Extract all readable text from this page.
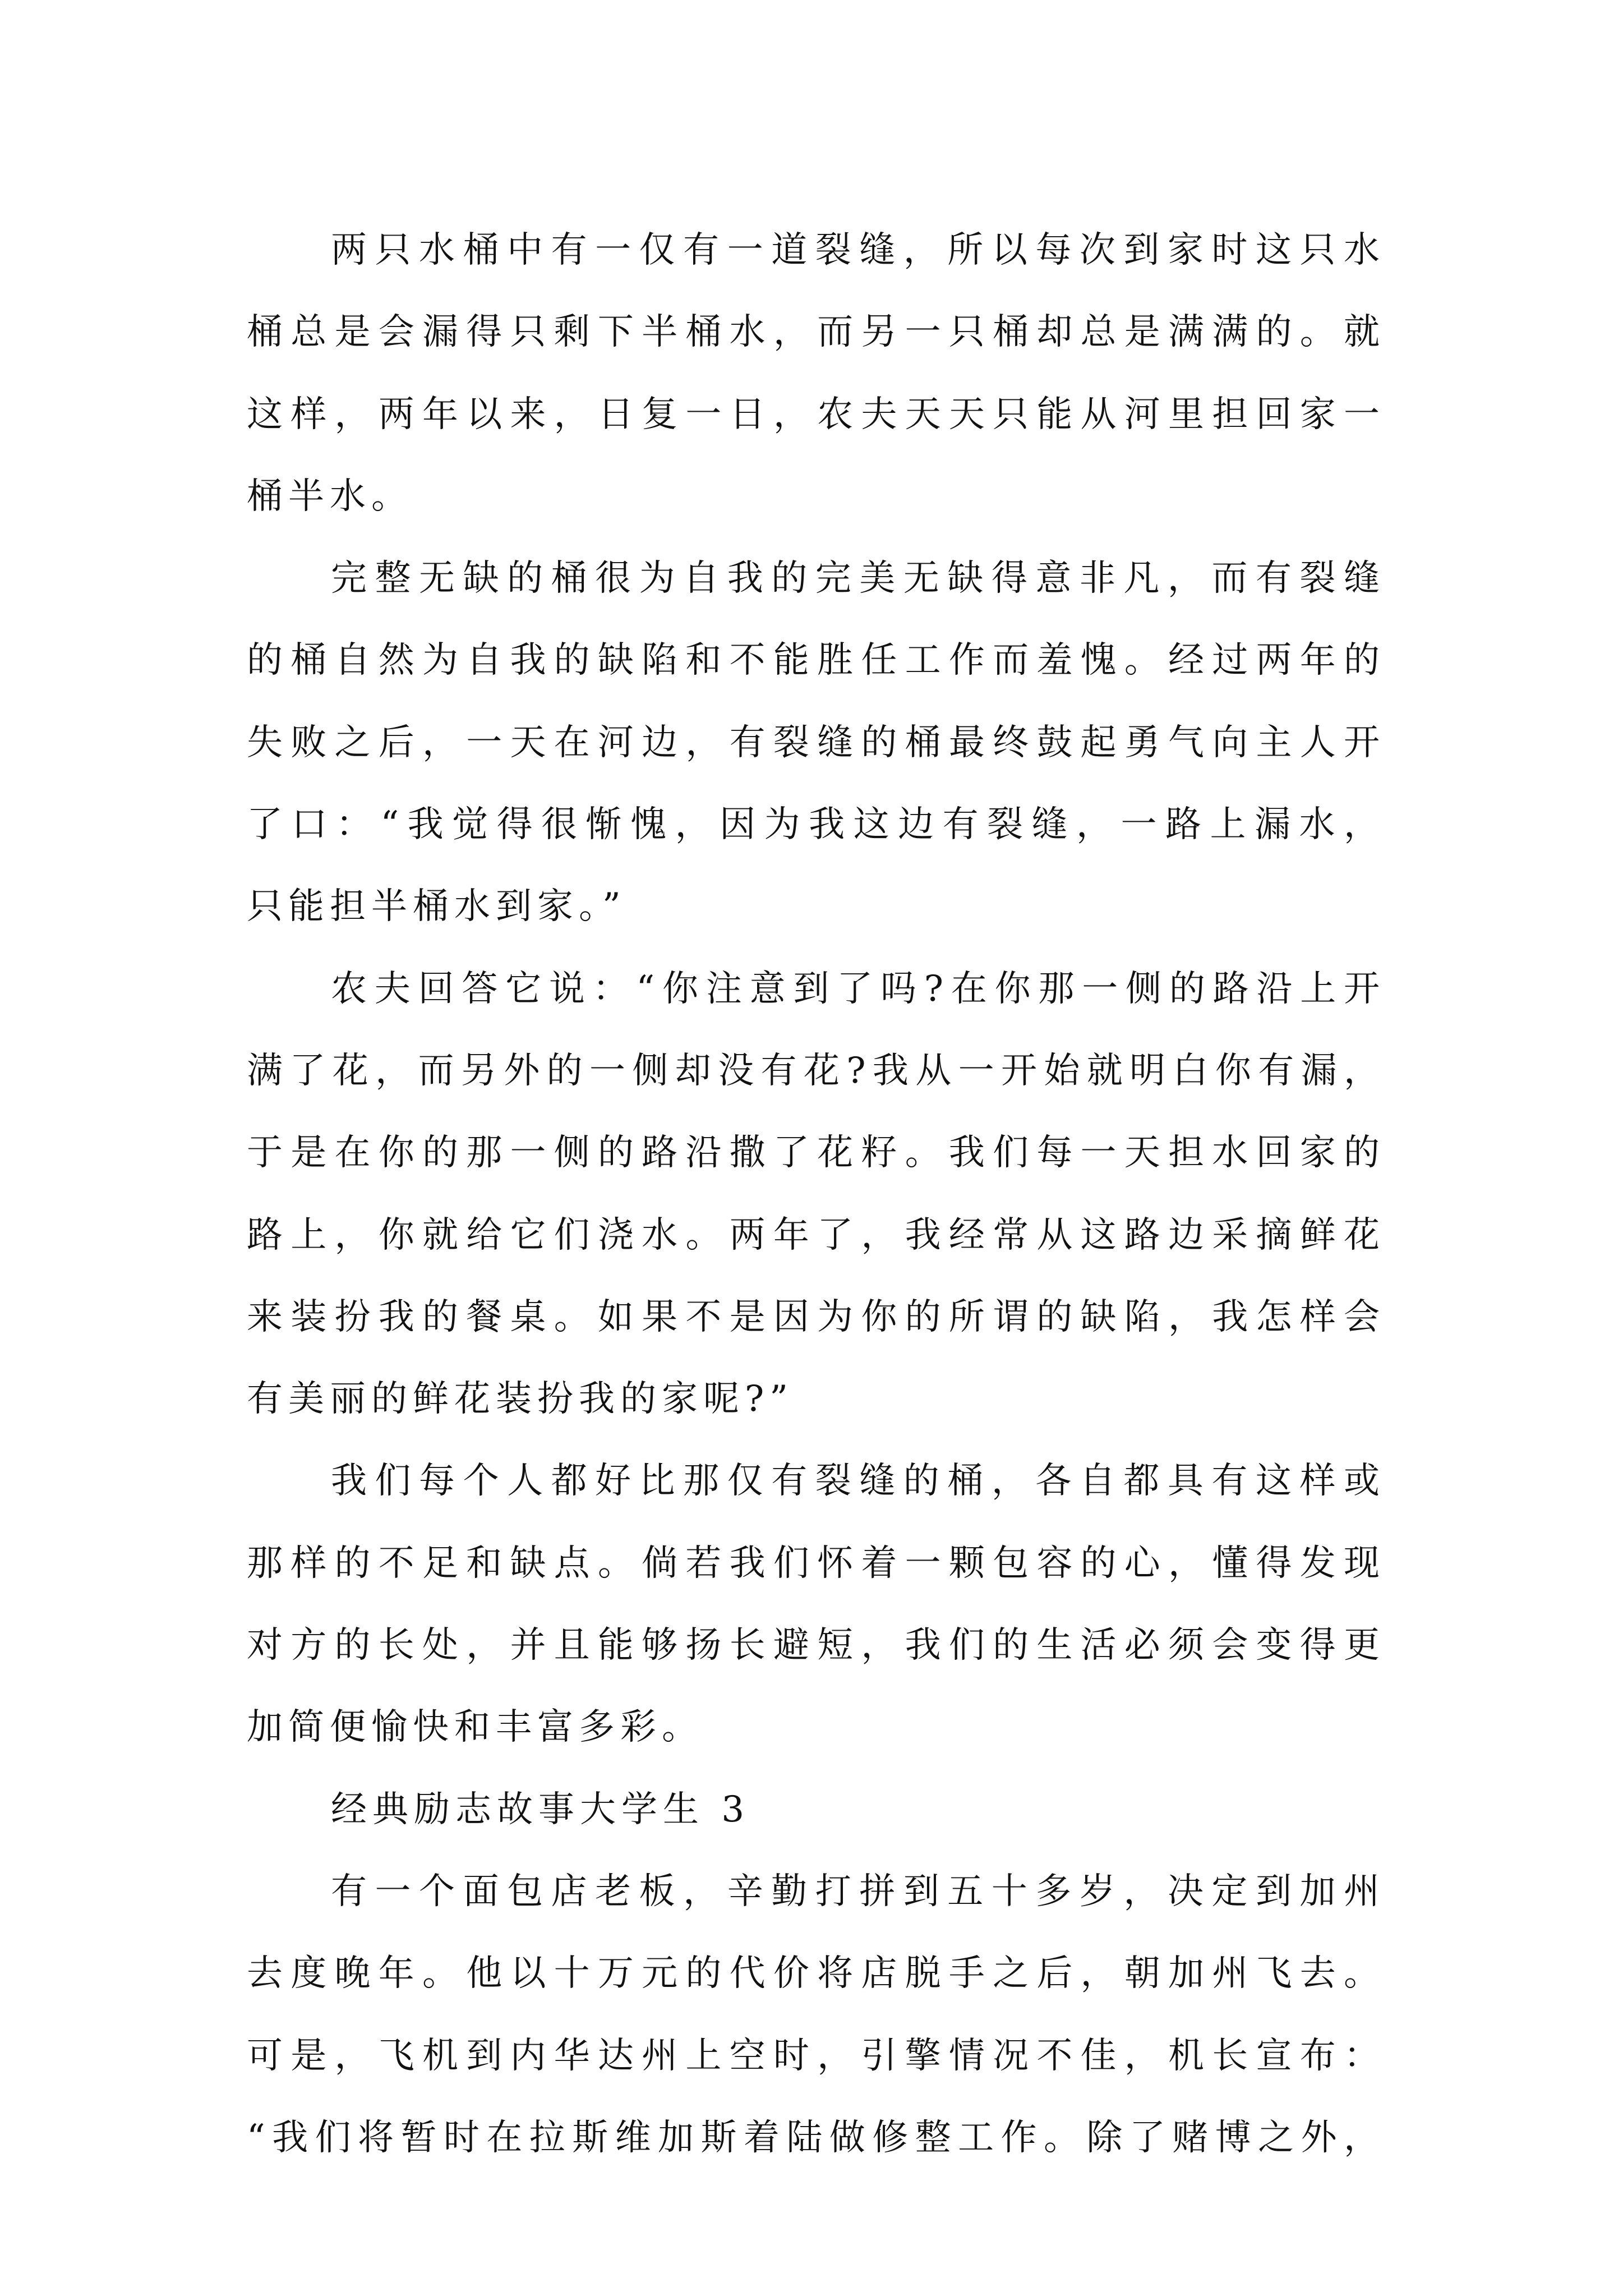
两只水桶中有一仅有一道裂缝，所以每次到家时这只水
桶总是会漏得只剩下半桶水，而另一只桶却总是满满的。就
这样，两年以来，日复一日，农夫天天只能从河里担回家一
桶半水。
完整无缺的桶很为自我的完美无缺得意非凡，而有裂缝
的桶自然为自我的缺陷和不能胜任工作而羞愧。经过两年的
失败之后，一天在河边，有裂缝的桶最终鼓起勇气向主人开
了口：“我觉得很惭愧，因为我这边有裂缝，一路上漏水，
只能担半桶水到家。”
农夫回答它说：“你注意到了吗?在你那一侧的路沿上开
满了花，而另外的一侧却没有花?我从一开始就明白你有漏，
于是在你的那一侧的路沿撒了花籽。我们每一天担水回家的
路上，你就给它们浇水。两年了，我经常从这路边采摘鲜花
来装扮我的餐桌。如果不是因为你的所谓的缺陷，我怎样会
有美丽的鲜花装扮我的家呢?”
我们每个人都好比那仅有裂缝的桶，各自都具有这样或
那样的不足和缺点。倘若我们怀着一颗包容的心，懂得发现
对方的长处，并且能够扬长避短，我们的生活必须会变得更
加简便愉快和丰富多彩。
经典励志故事大学生 3
有一个面包店老板，辛勤打拼到五十多岁，决定到加州
去度晚年。他以十万元的代价将店脱手之后，朝加州飞去。
可是，飞机到内华达州上空时，引擎情况不佳，机长宣布：
“我们将暂时在拉斯维加斯着陆做修整工作。除了赌博之外，
